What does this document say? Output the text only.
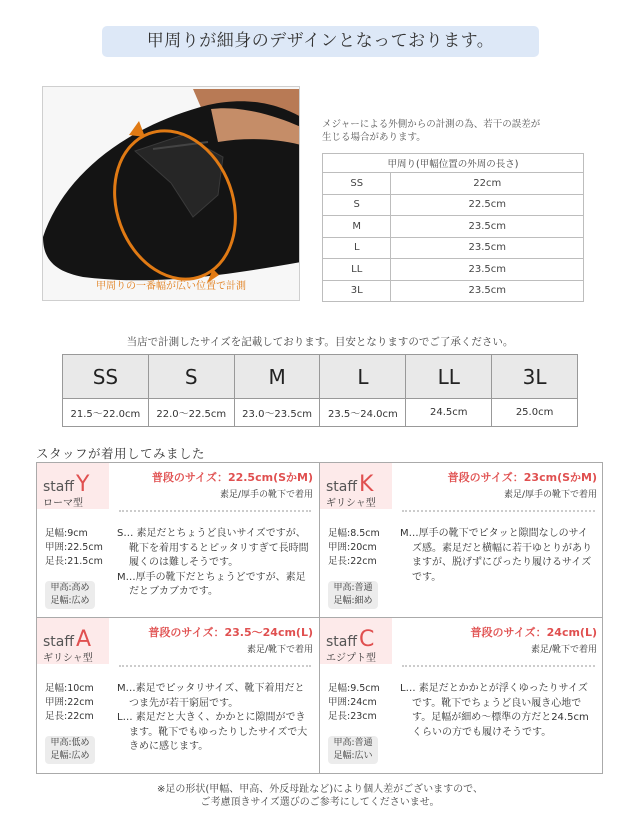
甲周りが細身のデザインとなっております。
甲周りの一番幅が広い位置で計測
メジャーによる外側からの計測の為、若干の誤差が
生じる場合があります。
甲周り(甲幅位置の外周の長さ)	
SS	22cm
S	22.5cm
M	23.5cm
L	23.5cm
LL	23.5cm
3L	23.5cm
当店で計測したサイズを記載しております。目安となりますのでご了承ください。
SS	S	M	L	LL	3L
21.5〜22.0cm	22.0〜22.5cm	23.0〜23.5cm	23.5〜24.0cm	24.5cm	25.0cm
スタッフが着用してみました
staffY
ローマ型
普段のサイズ：22.5cm(SかM)
素足/厚手の靴下で着用
足幅:9cm
甲囲:22.5cm
足長:21.5cm
甲高:高め
足幅:広め

S… 素足だとちょうど良いサイズですが、靴下を着用するとピッタリすぎて長時間履くのは難しそうです。

M…厚手の靴下だとちょうどですが、素足だとブカブカです。

staffK
ギリシャ型
普段のサイズ：23cm(SかM)
素足/厚手の靴下で着用
足幅:8.5cm
甲囲:20cm
足長:22cm
甲高:普通
足幅:細め

M…厚手の靴下でピタッと隙間なしのサイズ感。素足だと横幅に若干ゆとりがありますが、脱げずにぴったり履けるサイズです。

staffA
ギリシャ型
普段のサイズ：23.5〜24cm(L)
素足/靴下で着用
足幅:10cm
甲囲:22cm
足長:22cm
甲高:低め
足幅:広め

M…素足でピッタリサイズ、靴下着用だとつま先が若干窮屈です。

L… 素足だと大きく、かかとに隙間ができます。靴下でもゆったりしたサイズで大きめに感じます。

staffC
エジプト型
普段のサイズ：24cm(L)
素足/靴下で着用
足幅:9.5cm
甲囲:24cm
足長:23cm
甲高:普通
足幅:広い

L… 素足だとかかとが浮くゆったりサイズです。靴下でちょうど良い履き心地です。足幅が細め〜標準の方だと24.5cmくらいの方でも履けそうです。

※足の形状(甲幅、甲高、外反母趾など)により個人差がございますので、
ご考慮頂きサイズ選びのご参考にしてくださいませ。
